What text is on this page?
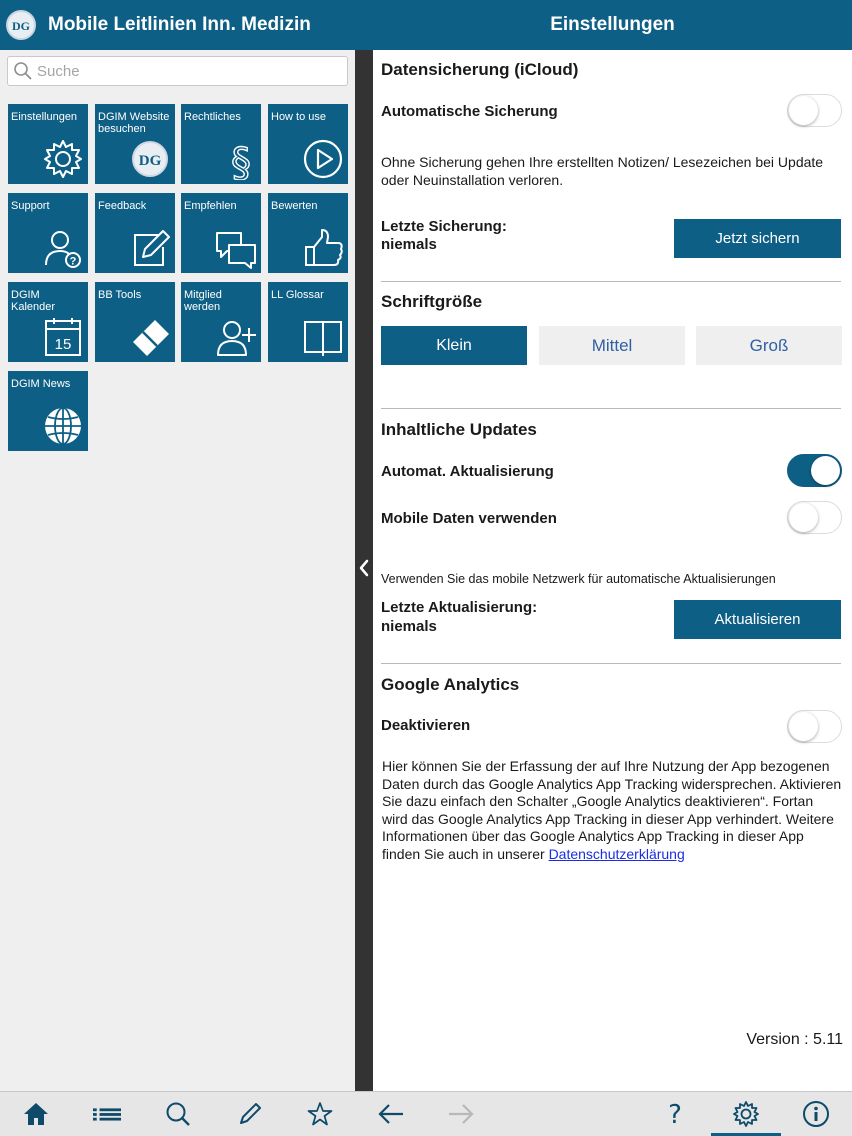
DG Mobile Leitlinien Inn. Medizin
Suche
Einstellungen	DGIM Website besuchen
DG
Rechtliches
§
How to use
Support
?
Feedback	Empfehlen	Bewerten
DGIM Kalender
15
BB Tools	Mitglied werden
LL Glossar
DGIM News
Einstellungen
Datensicherung (iCloud)
Automatische Sicherung
Ohne Sicherung gehen Ihre erstellten Notizen/ Lesezeichen bei Update oder Neuinstallation verloren.
Letzte Sicherung:
niemals	Jetzt sichern
Schriftgröße
Klein	Mittel	Groß
Inhaltliche Updates
Automat. Aktualisierung
Mobile Daten verwenden
Verwenden Sie das mobile Netzwerk für automatische Aktualisierungen
Letzte Aktualisierung:
niemals	Aktualisieren
Google Analytics
Deaktivieren
Hier können Sie der Erfassung der auf Ihre Nutzung der App bezogenen Daten durch das Google Analytics App Tracking widersprechen. Aktivieren Sie dazu einfach den Schalter „Google Analytics deaktivieren“. Fortan wird das Google Analytics App Tracking in dieser App verhindert. Weitere Informationen über das Google Analytics App Tracking in dieser App finden Sie auch in unserer Datenschutzerklärung
Version : 5.11
?
